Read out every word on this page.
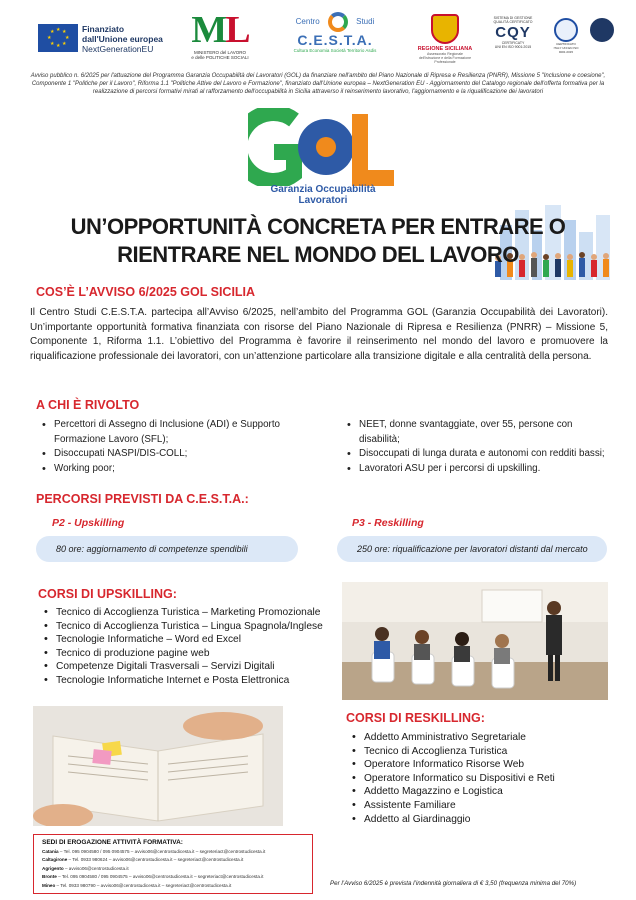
★ ★
★
★
★
★
★
★	Finanziato
dall'Unione europea
NextGenerationEU ML
MINISTERO del LAVORO
e delle POLITICHE SOCIALI
Centro	Studi
C.E.S.T.A.
Cultura Economia Società Territorio Asdis	REGIONE SICILIANA
Assessorato Regionale
dell'Istruzione e della Formazione Professionale
SISTEMA DI GESTIONE QUALITÀ CERTIFICATO
CQY
CERTIFICATY
UNI EN ISO 9001:2015
CERTIFICATO
ITALY UNI EN ISO 9001:2015
Avviso pubblico n. 6/2025 per l'attuazione del Programma Garanzia Occupabilità dei Lavoratori (GOL) da finanziare nell'ambito del Piano Nazionale di Ripresa e Resilienza (PNRR), Missione 5 "Inclusione e coesione", Componente 1 "Politiche per il Lavoro", Riforma 1.1 "Politiche Attive del Lavoro e Formazione", finanziato dall'Unione europea – NextGeneration EU - Aggiornamento del Catalogo regionale dell'offerta formativa per la realizzazione di percorsi formativi mirati al rafforzamento dell'occupabilità in Sicilia attraverso il reinserimento lavorativo, l'aggiornamento e la riqualificazione dei lavoratori
Garanzia Occupabilità Lavoratori
UN’OPPORTUNITÀ CONCRETA PER ENTRARE O
RIENTRARE NEL MONDO DEL LAVORO
COS’È L’AVVISO 6/2025 GOL SICILIA
Il Centro Studi C.E.S.T.A. partecipa all’Avviso 6/2025, nell’ambito del Programma GOL (Garanzia Occupabilità dei Lavoratori). Un’importante opportunità formativa finanziata con risorse del Piano Nazionale di Ripresa e Resilienza (PNRR) – Missione 5, Componente 1, Riforma 1.1. L’obiettivo del Programma è favorire il reinserimento nel mondo del lavoro e promuovere la riqualificazione professionale dei lavoratori, con un’attenzione particolare alla transizione digitale e alla centralità della persona.
A CHI È RIVOLTO
• Percettori di Assegno di Inclusione (ADI) e Supporto Formazione Lavoro (SFL);
• Disoccupati NASPI/DIS-COLL;
• Working poor;
• NEET, donne svantaggiate, over 55, persone con disabilità;
• Disoccupati di lunga durata e autonomi con redditi bassi;
• Lavoratori ASU per i percorsi di upskilling.
PERCORSI PREVISTI DA C.E.S.T.A.:
P2 - Upskilling
80 ore: aggiornamento di competenze spendibili
P3 - Reskilling
250 ore: riqualificazione per lavoratori distanti dal mercato
CORSI DI UPSKILLING:
• Tecnico di Accoglienza Turistica – Marketing Promozionale
• Tecnico di Accoglienza Turistica – Lingua Spagnola/Inglese
• Tecnologie Informatiche – Word ed Excel
• Tecnico di produzione pagine web
• Competenze Digitali Trasversali – Servizi Digitali
• Tecnologie Informatiche Internet e Posta Elettronica
CORSI DI RESKILLING:
• Addetto Amministrativo Segretariale
• Tecnico di Accoglienza Turistica
• Operatore Informatico Risorse Web
• Operatore Informatico su Dispositivi e Reti
• Addetto Magazzino e Logistica
• Assistente Familiare
• Addetto al Giardinaggio
SEDI DI EROGAZIONE ATTIVITÀ FORMATIVA:
Catania – Tel. 095 0904580 / 095 0904575 – avviso06@centrostudicesta.it – segreteriact@centrostudicesta.it
Caltagirone – Tel. 0933 980624 – avviso06@centrostudicesta.it – segreteriact@centrostudicesta.it
Agrigento – avviso06@centrostudicesta.it
Bronte – Tel. 095 0904580 / 095 0904575 – avviso06@centrostudicesta.it – segreteriact@centrostudicesta.it
Mineo – Tel. 0933 980790 – avviso06@centrostudicesta.it – segreteriact@centrostudicesta.it	Per l’Avviso 6/2025 è prevista l’indennità giornaliera di € 3,50 (frequenza minima del 70%)
